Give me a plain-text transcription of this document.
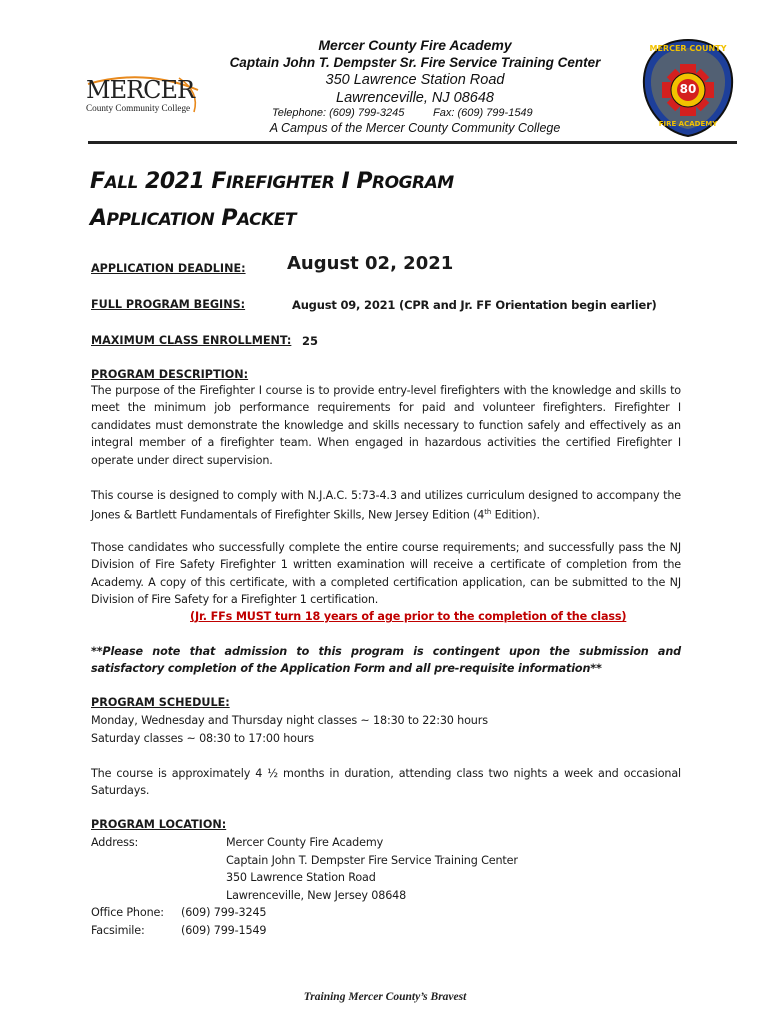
MERCER
County Community College
MERCER COUNTY
80
FIRE ACADEMY
Mercer County Fire Academy
Captain John T. Dempster Sr. Fire Service Training Center
350 Lawrence Station Road
Lawrenceville, NJ 08648
Telephone: (609) 799-3245	Fax: (609) 799-1549
A Campus of the Mercer County Community College
FALL 2021 FIREFIGHTER I PROGRAM
APPLICATION PACKET
APPLICATION DEADLINE: August 02, 2021
FULL PROGRAM BEGINS:	August 09, 2021 (CPR and Jr. FF Orientation begin earlier)
MAXIMUM CLASS ENROLLMENT: 25
PROGRAM DESCRIPTION:
The purpose of the Firefighter I course is to provide entry-level firefighters with the knowledge and skills to meet the minimum job performance requirements for paid and volunteer firefighters. Firefighter I candidates must demonstrate the knowledge and skills necessary to function safely and effectively as an integral member of a firefighter team. When engaged in hazardous activities the certified Firefighter I operate under direct supervision.
This course is designed to comply with N.J.A.C. 5:73-4.3 and utilizes curriculum designed to accompany the Jones & Bartlett Fundamentals of Firefighter Skills, New Jersey Edition (4th Edition).
Those candidates who successfully complete the entire course requirements; and successfully pass the NJ Division of Fire Safety Firefighter 1 written examination will receive a certificate of completion from the Academy. A copy of this certificate, with a completed certification application, can be submitted to the NJ Division of Fire Safety for a Firefighter 1 certification.
(Jr. FFs MUST turn 18 years of age prior to the completion of the class)
**Please note that admission to this program is contingent upon the submission and satisfactory completion of the Application Form and all pre-requisite information**
PROGRAM SCHEDULE:
Monday, Wednesday and Thursday night classes ~ 18:30 to 22:30 hours
Saturday classes ~ 08:30 to 17:00 hours
The course is approximately 4 ½ months in duration, attending class two nights a week and occasional Saturdays.
PROGRAM LOCATION:
Address:	Mercer County Fire Academy
Captain John T. Dempster Fire Service Training Center
350 Lawrence Station Road
Lawrenceville, New Jersey 08648
Office Phone: (609) 799-3245
Facsimile:	(609) 799-1549
Training Mercer County’s Bravest
